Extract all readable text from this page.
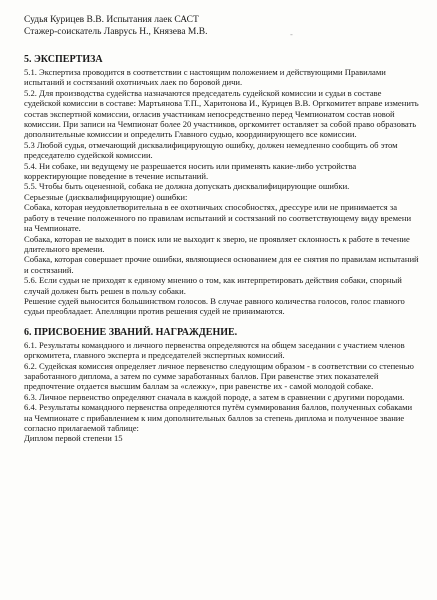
-
Судья Курицев В.В. Испытания лаек САСТ
Стажер-соискатель Лаврусь Н., Князева М.В.
5. ЭКСПЕРТИЗА

5.1. Экспертиза проводится в соответствии с настоящим положением и действующими Правилами испытаний и состязаний охотничьих лаек по боровой дичи.

5.2. Для производства судейства назначаются председатель судейской комиссии и судьи в составе судейской комиссии в составе: Мартьянова Т.П., Харитонова И., Курицев В.В. Оргкомитет вправе изменить состав экспертной комиссии, огласив участникам непосредственно перед Чемпионатом состав новой комиссии. При записи на Чемпионат более 20 участников, оргкомитет оставляет за собой право образовать дополнительные комиссии и определить Главного судью, координирующего все комиссии.

5.3 Любой судья, отмечающий дисквалифицирующую ошибку, должен немедленно сообщить об этом председателю судейской комиссии.

5.4. Ни собаке, ни ведущему не разрешается носить или применять какие-либо устройства корректирующие поведение в течение испытаний.

5.5. Чтобы быть оцененной, собака не должна допускать дисквалифицирующие ошибки.

Серьезные (дисквалифицирующие) ошибки:

Собака, которая неудовлетворительна в ее охотничьих способностях, дрессуре или не принимается за работу в течение положенного по правилам испытаний и состязаний по соответствующему виду времени на Чемпионате.

Собака, которая не выходит в поиск или не выходит к зверю, не проявляет склонность к работе в течение длительного времени.

Собака, которая совершает прочие ошибки, являющиеся основанием для ее снятия по правилам испытаний и состязаний.

5.6. Если судьи не приходят к единому мнению о том, как интерпретировать действия собаки, спорный случай должен быть решен в пользу собаки.

Решение судей выносится большинством голосов. В случае равного количества голосов, голос главного судьи преобладает. Апелляции против решения судей не принимаются.

6. ПРИСВОЕНИЕ ЗВАНИЙ. НАГРАЖДЕНИЕ.

6.1. Результаты командного и личного первенства определяются на общем заседании с участием членов оргкомитета, главного эксперта и председателей экспертных комиссий.

6.2. Судейская комиссия определяет личное первенство следующим образом - в соответствии со степенью заработанного диплома, а затем по сумме заработанных баллов. При равенстве этих показателей предпочтение отдается высшим баллам за «слежку», при равенстве их - самой молодой собаке.

6.3. Личное первенство определяют сначала в каждой породе, а затем в сравнении с другими породами.

6.4. Результаты командного первенства определяются путём суммирования баллов, полученных собаками на Чемпионате с прибавлением к ним дополнительных баллов за степень диплома и полученное звание согласно прилагаемой таблице:

Диплом первой степени 15
